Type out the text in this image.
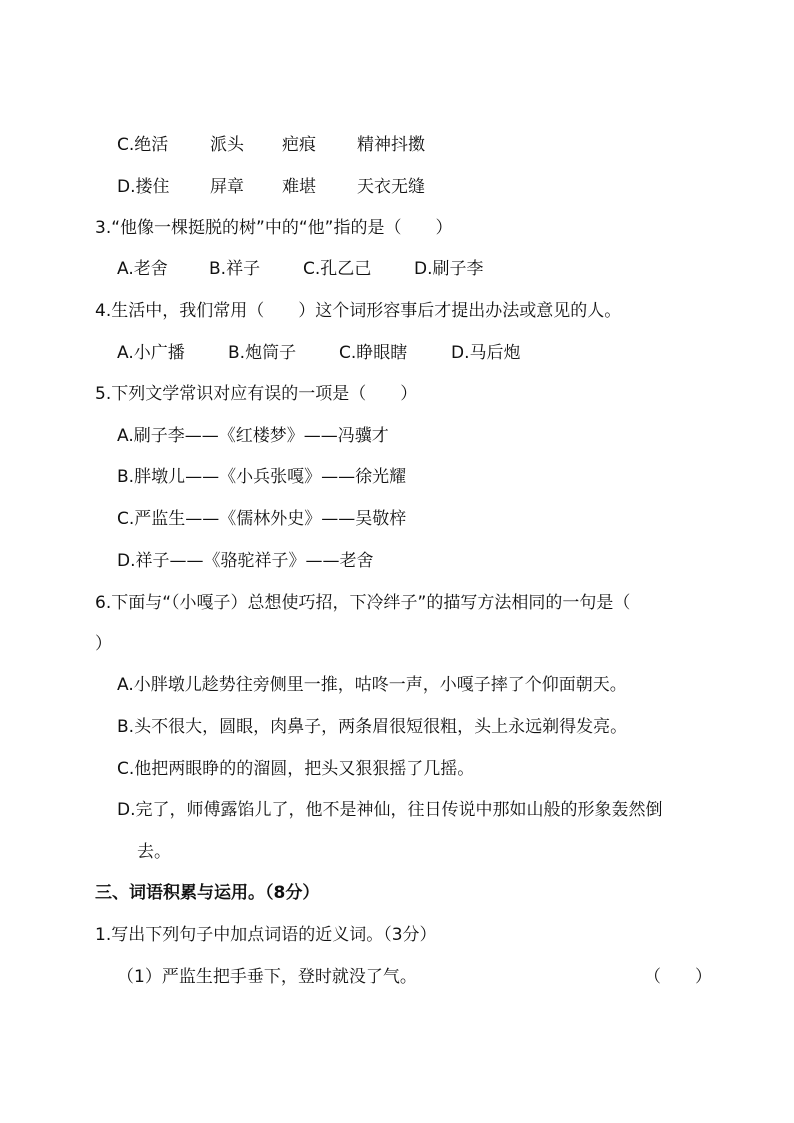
C.绝活 派头 疤痕 精神抖擞
D.搂住 屏章 难堪 天衣无缝
3.“他像一棵挺脱的树”中的“他”指的是（　　）
A.老舍 B.祥子	C.孔乙己	D.刷子李
4.生活中，我们常用（　　）这个词形容事后才提出办法或意见的人。
A.小广播	B.炮筒子	C.睁眼瞎	D.马后炮
5.下列文学常识对应有误的一项是（　　）
A.刷子李——《红楼梦》——冯骥才
B.胖墩儿——《小兵张嘎》——徐光耀
C.严监生——《儒林外史》——吴敬梓
D.祥子——《骆驼祥子》——老舍
6.下面与“（小嘎子）总想使巧招，下冷绊子”的描写方法相同的一句是（
）
A.小胖墩儿趁势往旁侧里一推，咕咚一声，小嘎子摔了个仰面朝天。
B.头不很大，圆眼，肉鼻子，两条眉很短很粗，头上永远剃得发亮。
C.他把两眼睁的的溜圆，把头又狠狠摇了几摇。
D.完了，师傅露馅儿了，他不是神仙，往日传说中那如山般的形象轰然倒
去。
三、词语积累与运用。（8分）
1.写出下列句子中加点词语的近义词。（3分）
（1）严监生把手垂下，登时就没了气。	（　　）
